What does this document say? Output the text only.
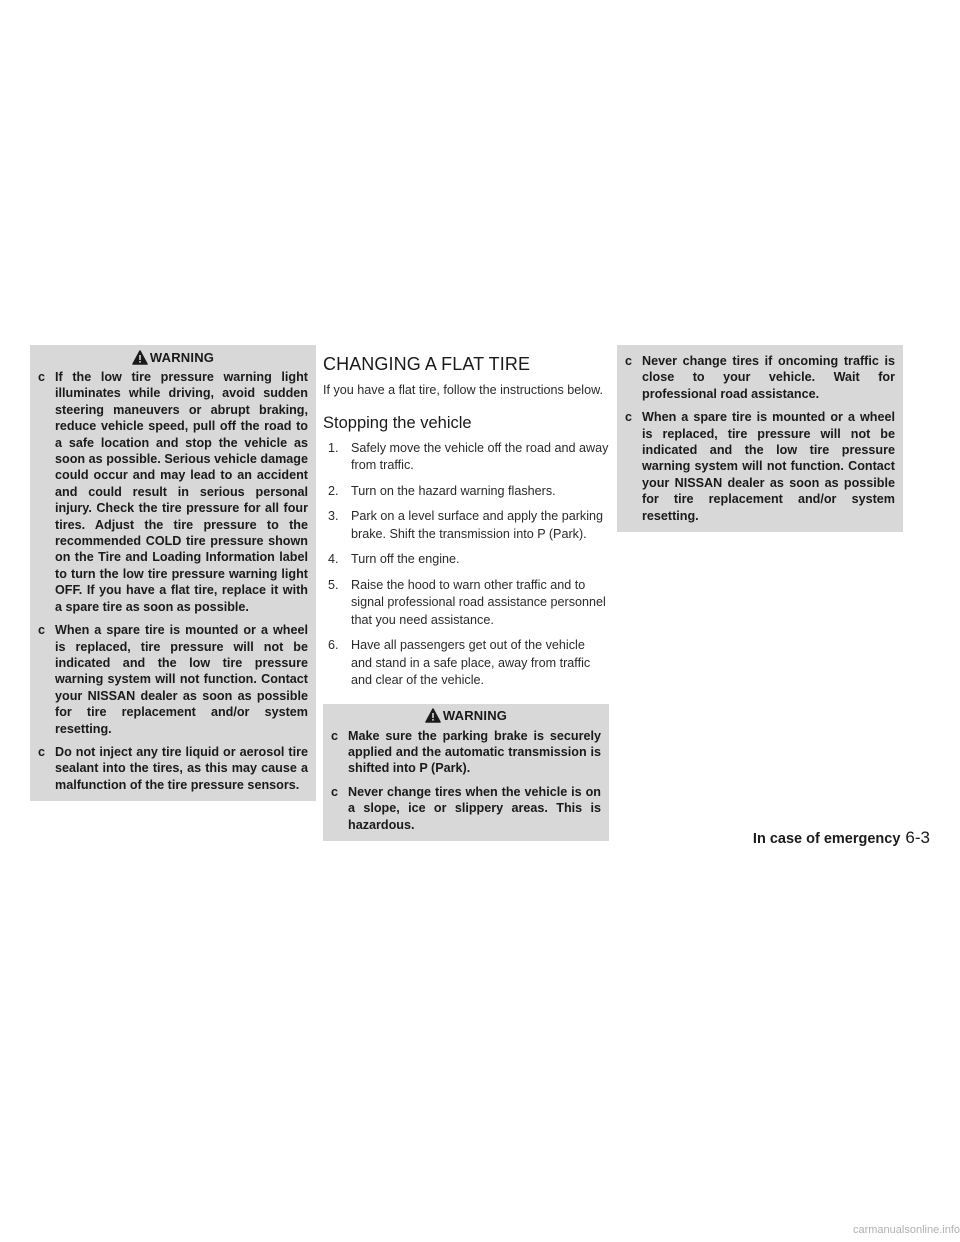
WARNING
c If the low tire pressure warning light illuminates while driving, avoid sudden steering maneuvers or abrupt braking, reduce vehicle speed, pull off the road to a safe location and stop the vehicle as soon as possible. Serious vehicle damage could occur and may lead to an accident and could result in serious personal injury. Check the tire pressure for all four tires. Adjust the tire pressure to the recommended COLD tire pressure shown on the Tire and Loading Information label to turn the low tire pressure warning light OFF. If you have a flat tire, replace it with a spare tire as soon as possible.
c When a spare tire is mounted or a wheel is replaced, tire pressure will not be indicated and the low tire pressure warning system will not function. Contact your NISSAN dealer as soon as possible for tire replacement and/or system resetting.
c Do not inject any tire liquid or aerosol tire sealant into the tires, as this may cause a malfunction of the tire pressure sensors.
CHANGING A FLAT TIRE

If you have a flat tire, follow the instructions below.

Stopping the vehicle
1. Safely move the vehicle off the road and away from traffic.
2. Turn on the hazard warning flashers.
3. Park on a level surface and apply the parking brake. Shift the transmission into P (Park).
4. Turn off the engine.
5. Raise the hood to warn other traffic and to signal professional road assistance personnel that you need assistance.
6. Have all passengers get out of the vehicle and stand in a safe place, away from traffic and clear of the vehicle.
WARNING
c Make sure the parking brake is securely applied and the automatic transmission is shifted into P (Park).
c Never change tires when the vehicle is on a slope, ice or slippery areas. This is hazardous.
c Never change tires if oncoming traffic is close to your vehicle. Wait for professional road assistance.
c When a spare tire is mounted or a wheel is replaced, tire pressure will not be indicated and the low tire pressure warning system will not function. Contact your NISSAN dealer as soon as possible for tire replacement and/or system resetting.
In case of emergency 6-3
carmanualsonline.info
